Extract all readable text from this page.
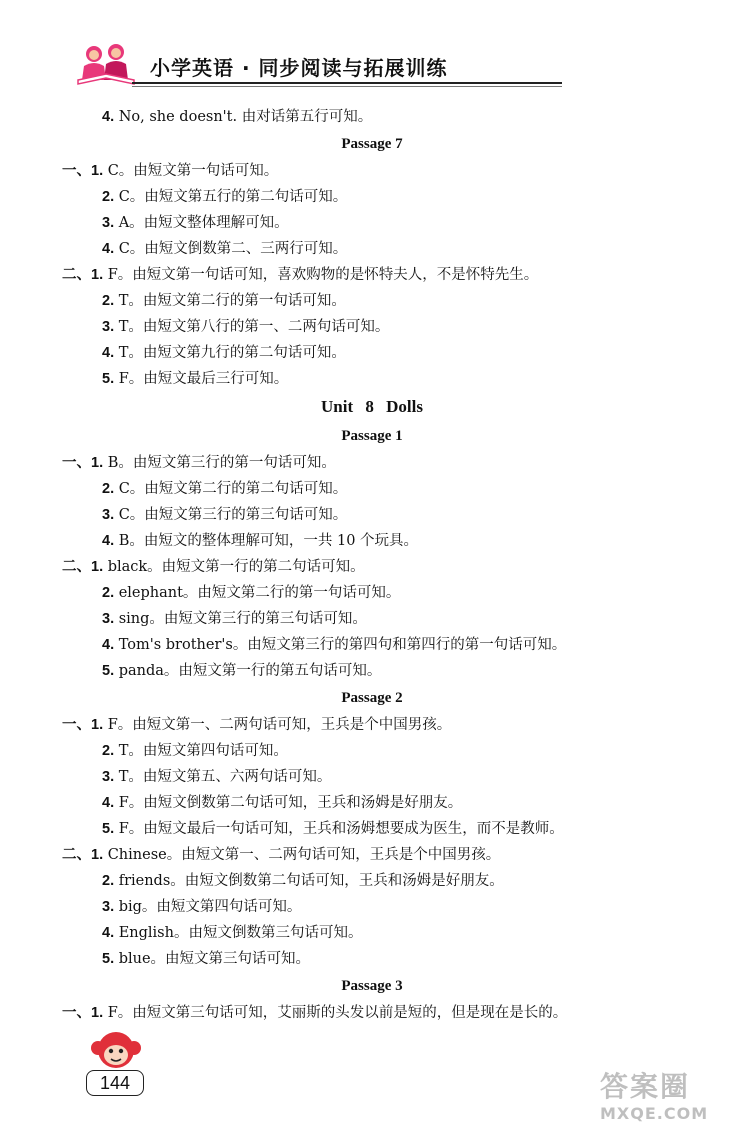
小学英语 · 同步阅读与拓展训练
4. No, she doesn't. 由对话第五行可知。
Passage 7
一、1. C。由短文第一句话可知。
2. C。由短文第五行的第二句话可知。
3. A。由短文整体理解可知。
4. C。由短文倒数第二、三两行可知。
二、1. F。由短文第一句话可知，喜欢购物的是怀特夫人，不是怀特先生。
2. T。由短文第二行的第一句话可知。
3. T。由短文第八行的第一、二两句话可知。
4. T。由短文第九行的第二句话可知。
5. F。由短文最后三行可知。
Unit 8 Dolls
Passage 1
一、1. B。由短文第三行的第一句话可知。
2. C。由短文第二行的第二句话可知。
3. C。由短文第三行的第三句话可知。
4. B。由短文的整体理解可知，一共 10 个玩具。
二、1. black。由短文第一行的第二句话可知。
2. elephant。由短文第二行的第一句话可知。
3. sing。由短文第三行的第三句话可知。
4. Tom's brother's。由短文第三行的第四句和第四行的第一句话可知。
5. panda。由短文第一行的第五句话可知。
Passage 2
一、1. F。由短文第一、二两句话可知，王兵是个中国男孩。
2. T。由短文第四句话可知。
3. T。由短文第五、六两句话可知。
4. F。由短文倒数第二句话可知，王兵和汤姆是好朋友。
5. F。由短文最后一句话可知，王兵和汤姆想要成为医生，而不是教师。
二、1. Chinese。由短文第一、二两句话可知，王兵是个中国男孩。
2. friends。由短文倒数第二句话可知，王兵和汤姆是好朋友。
3. big。由短文第四句话可知。
4. English。由短文倒数第三句话可知。
5. blue。由短文第三句话可知。
Passage 3
一、1. F。由短文第三句话可知，艾丽斯的头发以前是短的，但是现在是长的。
144	答案圈
MXQE.COM
